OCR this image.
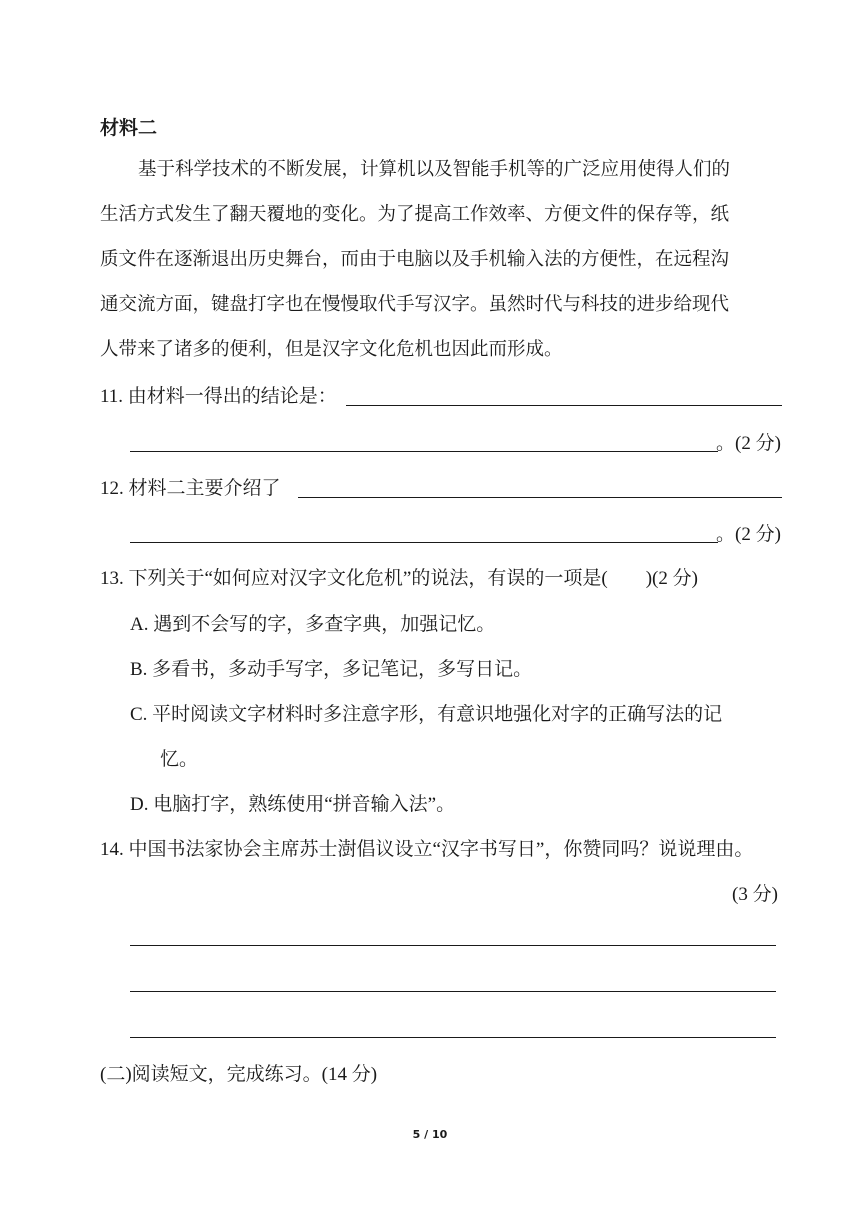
材料二
基于科学技术的不断发展，计算机以及智能手机等的广泛应用使得人们的
生活方式发生了翻天覆地的变化。为了提高工作效率、方便文件的保存等，纸
质文件在逐渐退出历史舞台，而由于电脑以及手机输入法的方便性，在远程沟
通交流方面，键盘打字也在慢慢取代手写汉字。虽然时代与科技的进步给现代
人带来了诸多的便利，但是汉字文化危机也因此而形成。
11. 由材料一得出的结论是：
。(2 分)
12. 材料二主要介绍了
。(2 分)
13. 下列关于“如何应对汉字文化危机”的说法，有误的一项是(　　)(2 分)
A. 遇到不会写的字，多查字典，加强记忆。
B. 多看书，多动手写字，多记笔记，多写日记。
C. 平时阅读文字材料时多注意字形，有意识地强化对字的正确写法的记
忆。
D. 电脑打字，熟练使用“拼音输入法”。
14. 中国书法家协会主席苏士澍倡议设立“汉字书写日”，你赞同吗？说说理由。
(3 分)
(二)阅读短文，完成练习。(14 分)
5 / 10
